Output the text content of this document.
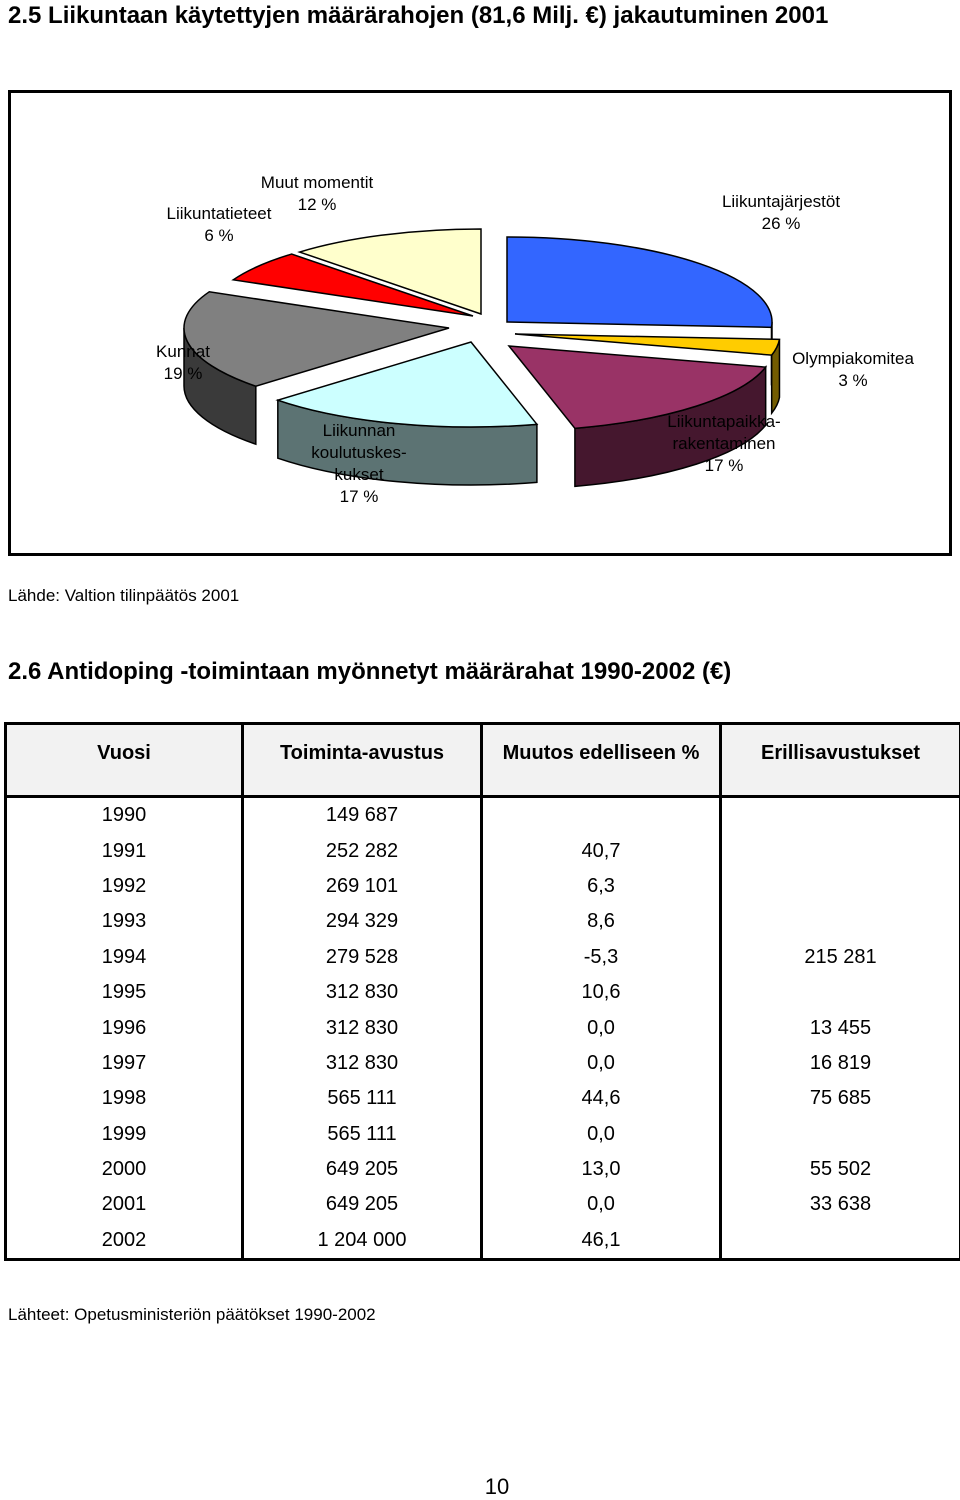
2.5 Liikuntaan käytettyjen määrärahojen (81,6 Milj. €) jakautuminen 2001
Liikuntajärjestöt 26 %
Olympiakomitea 3 %
Liikuntapaikka-rakentaminen 17 %
Liikunnan koulutuskes-kukset 17 %
Kunnat 19 %
Liikuntatieteet 6 %
Muut momentit 12 %
Lähde: Valtion tilinpäätös 2001
2.6 Antidoping -toimintaan myönnetyt määrärahat 1990-2002 (€)
Vuosi	Toiminta-avustus	Muutos edelliseen %	Erillisavustukset
1990	149 687		
1991	252 282	40,7	
1992	269 101	6,3	
1993	294 329	8,6	
1994	279 528	-5,3	215 281
1995	312 830	10,6	
1996	312 830	0,0	13 455
1997	312 830	0,0	16 819
1998	565 111	44,6	75 685
1999	565 111	0,0	
2000	649 205	13,0	55 502
2001	649 205	0,0	33 638
2002	1 204 000	46,1	
Lähteet: Opetusministeriön päätökset 1990-2002
10
